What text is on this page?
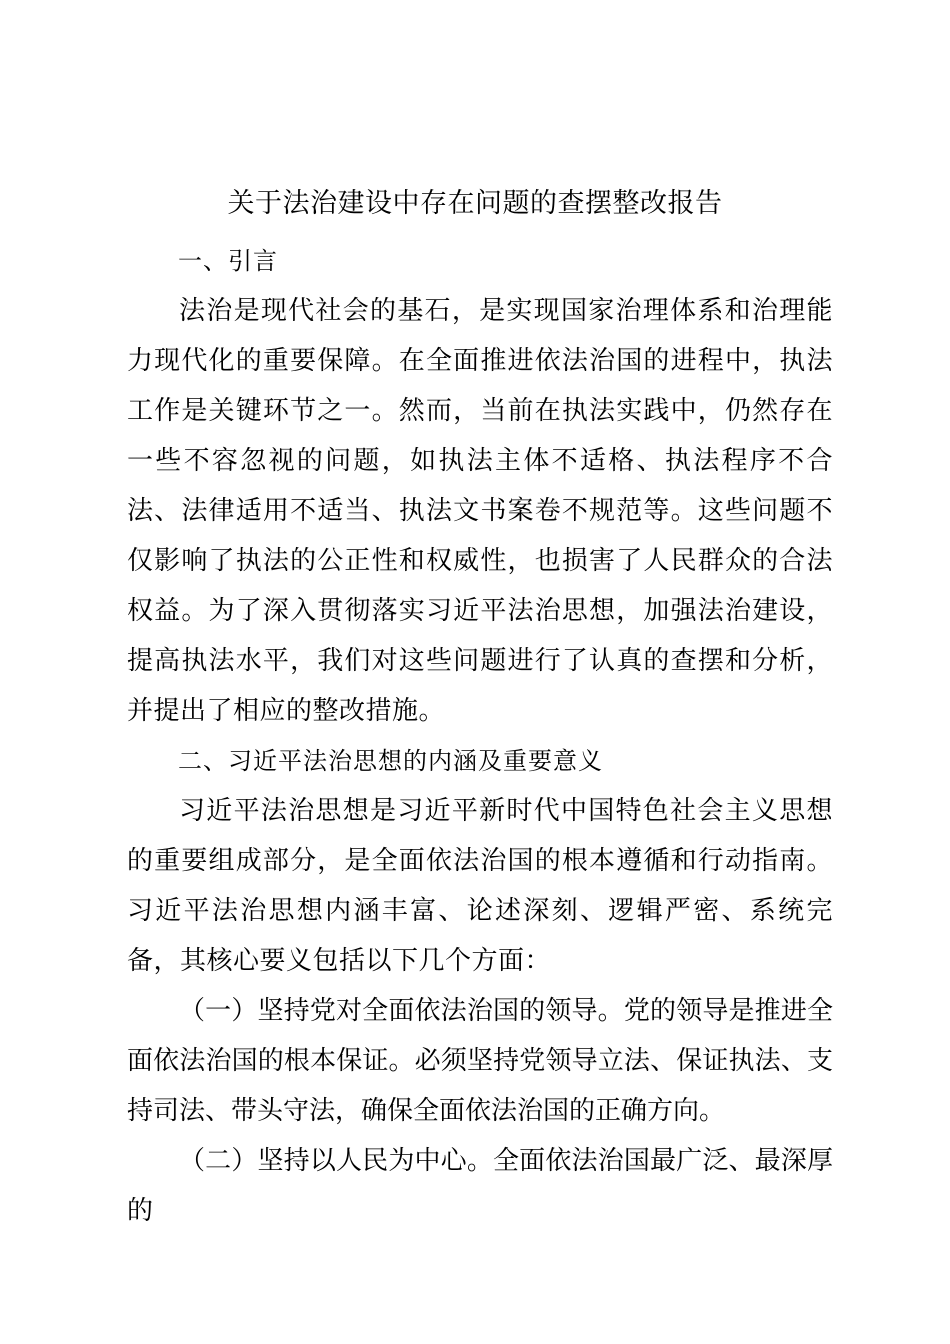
关于法治建设中存在问题的查摆整改报告

一、引言

法治是现代社会的基石，是实现国家治理体系和治理能力现代化的重要保障。在全面推进依法治国的进程中，执法工作是关键环节之一。然而，当前在执法实践中，仍然存在一些不容忽视的问题，如执法主体不适格、执法程序不合法、法律适用不适当、执法文书案卷不规范等。这些问题不仅影响了执法的公正性和权威性，也损害了人民群众的合法权益。为了深入贯彻落实习近平法治思想，加强法治建设，提高执法水平，我们对这些问题进行了认真的查摆和分析，并提出了相应的整改措施。

二、习近平法治思想的内涵及重要意义

习近平法治思想是习近平新时代中国特色社会主义思想的重要组成部分，是全面依法治国的根本遵循和行动指南。习近平法治思想内涵丰富、论述深刻、逻辑严密、系统完备，其核心要义包括以下几个方面：

（一）坚持党对全面依法治国的领导。党的领导是推进全面依法治国的根本保证。必须坚持党领导立法、保证执法、支持司法、带头守法，确保全面依法治国的正确方向。

（二）坚持以人民为中心。全面依法治国最广泛、最深厚的
